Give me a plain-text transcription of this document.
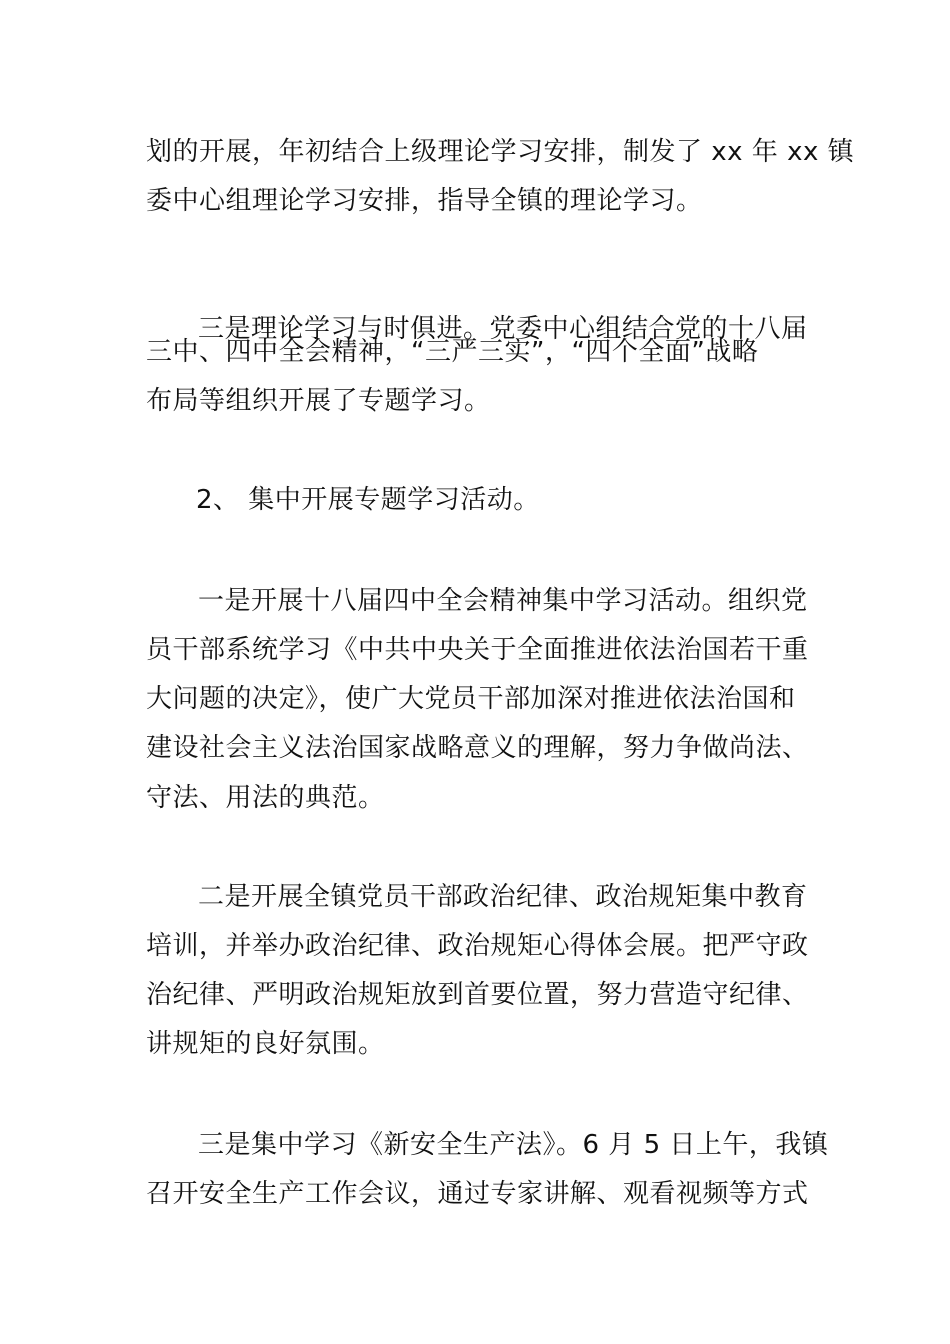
划的开展，年初结合上级理论学习安排，制发了 xx 年 xx 镇
委中心组理论学习安排，指导全镇的理论学习。
三是理论学习与时俱进。党委中心组结合党的十八届
三中、四中全会精神，“三严三实”，“四个全面”战略
布局等组织开展了专题学习。
2、 集中开展专题学习活动。
一是开展十八届四中全会精神集中学习活动。组织党
员干部系统学习《中共中央关于全面推进依法治国若干重
大问题的决定》，使广大党员干部加深对推进依法治国和
建设社会主义法治国家战略意义的理解，努力争做尚法、
守法、用法的典范。
二是开展全镇党员干部政治纪律、政治规矩集中教育
培训，并举办政治纪律、政治规矩心得体会展。把严守政
治纪律、严明政治规矩放到首要位置，努力营造守纪律、
讲规矩的良好氛围。
三是集中学习《新安全生产法》。6 月 5 日上午，我镇
召开安全生产工作会议，通过专家讲解、观看视频等方式
